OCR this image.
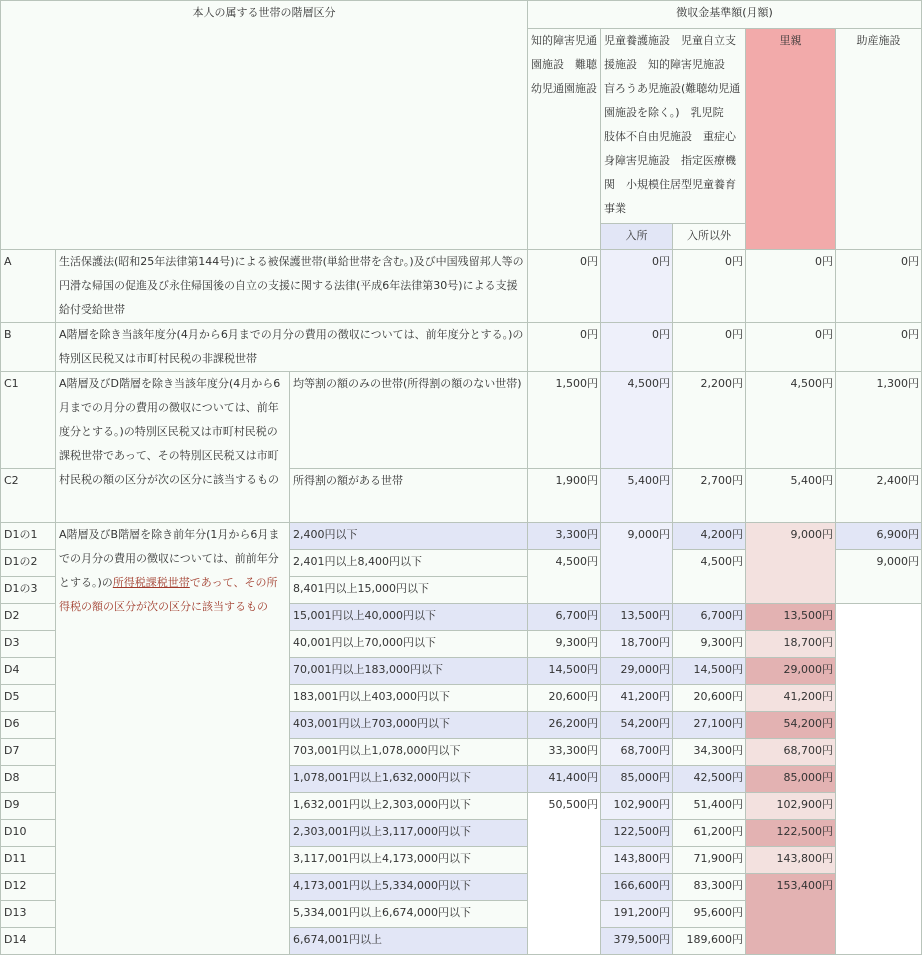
本人の属する世帯の階層区分			徴収金基準額(月額)				
			知的障害児通園施設　難聴幼児通園施設	児童養護施設　児童自立支援施設　知的障害児施設　盲ろうあ児施設(難聴幼児通園施設を除く。)　乳児院　肢体不自由児施設　重症心身障害児施設　指定医療機関　小規模住居型児童養育事業		里親	助産施設
				入所	入所以外		
A	生活保護法(昭和25年法律第144号)による被保護世帯(単給世帯を含む。)及び中国残留邦人等の円滑な帰国の促進及び永住帰国後の自立の支援に関する法律(平成6年法律第30号)による支援給付受給世帯		0円	0円	0円	0円	0円
B	A階層を除き当該年度分(4月から6月までの月分の費用の徴収については、前年度分とする。)の特別区民税又は市町村民税の非課税世帯		0円	0円	0円	0円	0円
C1	A階層及びD階層を除き当該年度分(4月から6月までの月分の費用の徴収については、前年度分とする。)の特別区民税又は市町村民税の課税世帯であって、その特別区民税又は市町村民税の額の区分が次の区分に該当するもの	均等割の額のみの世帯(所得割の額のない世帯)	1,500円	4,500円	2,200円	4,500円	1,300円
C2		所得割の額がある世帯	1,900円	5,400円	2,700円	5,400円	2,400円
D1の1	A階層及びB階層を除き前年分(1月から6月までの月分の費用の徴収については、前前年分とする。)の所得税課税世帯であって、その所得税の額の区分が次の区分に該当するもの	2,400円以下	3,300円	9,000円	4,200円	9,000円	6,900円
D1の2		2,401円以上8,400円以下	4,500円		4,500円		9,000円
D1の3		8,401円以上15,000円以下					
D2		15,001円以上40,000円以下	6,700円	13,500円	6,700円	13,500円	
D3		40,001円以上70,000円以下	9,300円	18,700円	9,300円	18,700円	
D4		70,001円以上183,000円以下	14,500円	29,000円	14,500円	29,000円	
D5		183,001円以上403,000円以下	20,600円	41,200円	20,600円	41,200円	
D6		403,001円以上703,000円以下	26,200円	54,200円	27,100円	54,200円	
D7		703,001円以上1,078,000円以下	33,300円	68,700円	34,300円	68,700円	
D8		1,078,001円以上1,632,000円以下	41,400円	85,000円	42,500円	85,000円	
D9		1,632,001円以上2,303,000円以下	50,500円	102,900円	51,400円	102,900円	
D10		2,303,001円以上3,117,000円以下		122,500円	61,200円	122,500円	
D11		3,117,001円以上4,173,000円以下		143,800円	71,900円	143,800円	
D12		4,173,001円以上5,334,000円以下		166,600円	83,300円	153,400円	
D13		5,334,001円以上6,674,000円以下		191,200円	95,600円		
D14		6,674,001円以上		379,500円	189,600円		
